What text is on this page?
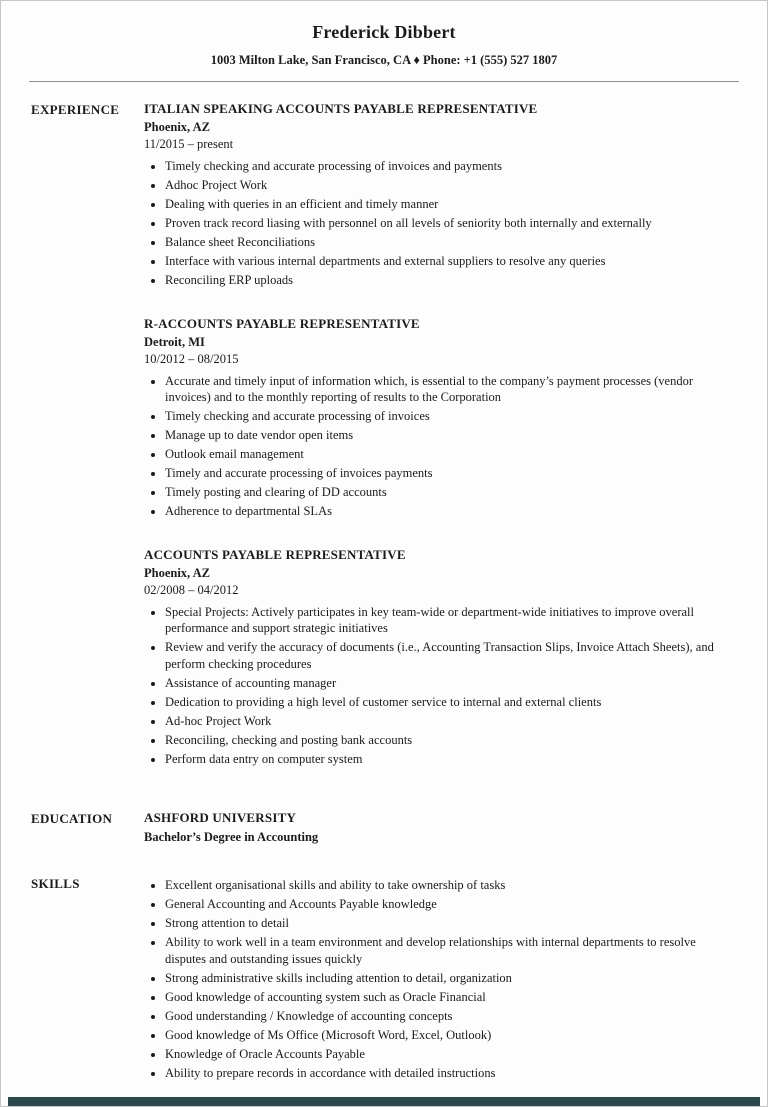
Frederick Dibbert

1003 Milton Lake, San Francisco, CA ♦ Phone: +1 (555) 527 1807

EXPERIENCE	ITALIAN SPEAKING ACCOUNTS PAYABLE REPRESENTATIVE
Phoenix, AZ
11/2015 – present
• Timely checking and accurate processing of invoices and payments
• Adhoc Project Work
• Dealing with queries in an efficient and timely manner
• Proven track record liasing with personnel on all levels of seniority both internally and externally
• Balance sheet Reconciliations
• Interface with various internal departments and external suppliers to resolve any queries
• Reconciling ERP uploads
R-ACCOUNTS PAYABLE REPRESENTATIVE
Detroit, MI
10/2012 – 08/2015
• Accurate and timely input of information which, is essential to the company’s payment processes (vendor invoices) and to the monthly reporting of results to the Corporation
• Timely checking and accurate processing of invoices
• Manage up to date vendor open items
• Outlook email management
• Timely and accurate processing of invoices payments
• Timely posting and clearing of DD accounts
• Adherence to departmental SLAs
ACCOUNTS PAYABLE REPRESENTATIVE
Phoenix, AZ
02/2008 – 04/2012
• Special Projects: Actively participates in key team-wide or department-wide initiatives to improve overall performance and support strategic initiatives
• Review and verify the accuracy of documents (i.e., Accounting Transaction Slips, Invoice Attach Sheets), and perform checking procedures
• Assistance of accounting manager
• Dedication to providing a high level of customer service to internal and external clients
• Ad-hoc Project Work
• Reconciling, checking and posting bank accounts
• Perform data entry on computer system
EDUCATION	ASHFORD UNIVERSITY
Bachelor’s Degree in Accounting
SKILLS	• Excellent organisational skills and ability to take ownership of tasks
• General Accounting and Accounts Payable knowledge
• Strong attention to detail
• Ability to work well in a team environment and develop relationships with internal departments to resolve disputes and outstanding issues quickly
• Strong administrative skills including attention to detail, organization
• Good knowledge of accounting system such as Oracle Financial
• Good understanding / Knowledge of accounting concepts
• Good knowledge of Ms Office (Microsoft Word, Excel, Outlook)
• Knowledge of Oracle Accounts Payable
• Ability to prepare records in accordance with detailed instructions
